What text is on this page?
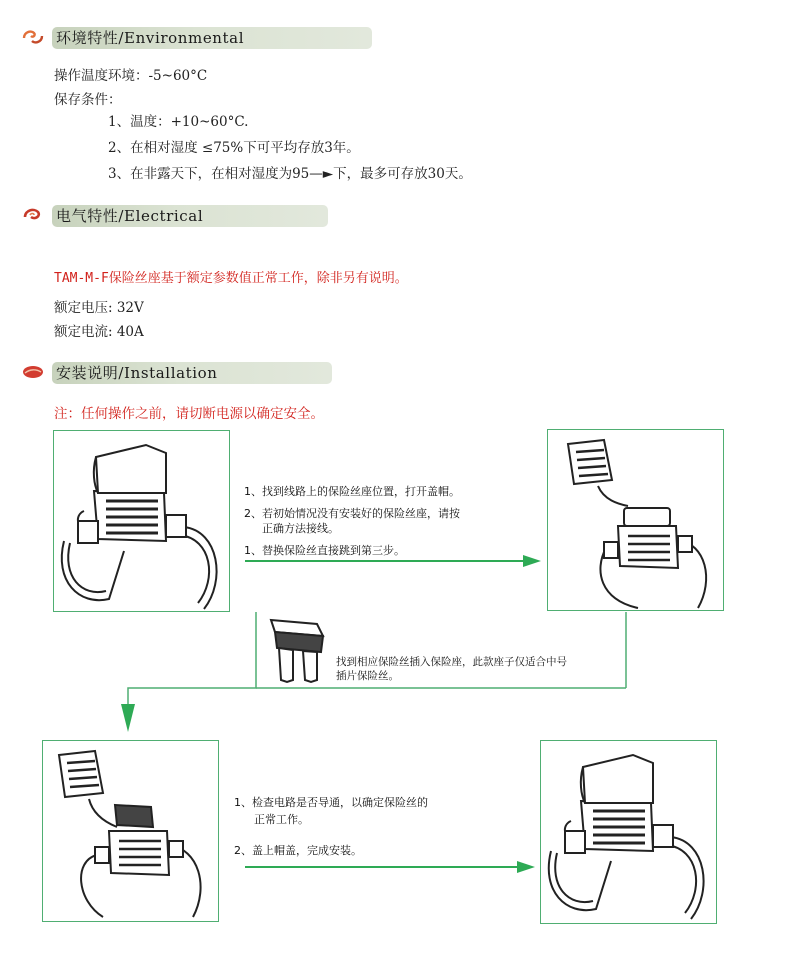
环境特性/Environmental
操作温度环境：-5~60°C
保存条件：
1、温度：+10~60°C.
2、在相对湿度 ≤75%下可平均存放3年。
3、在非露天下，在相对湿度为95—►下，最多可存放30天。
电气特性/Electrical
TAM-M-F保险丝座基于额定参数值正常工作，除非另有说明。
额定电压: 32V
额定电流: 40A
安装说明/Installation
注：任何操作之前，请切断电源以确定安全。
1、找到线路上的保险丝座位置，打开盖帽。
2、若初始情况没有安装好的保险丝座，请按
正确方法接线。
1、替换保险丝直接跳到第三步。
找到相应保险丝插入保险座，此款座子仅适合中号
插片保险丝。
1、检查电路是否导通，以确定保险丝的
正常工作。
2、盖上帽盖，完成安装。
